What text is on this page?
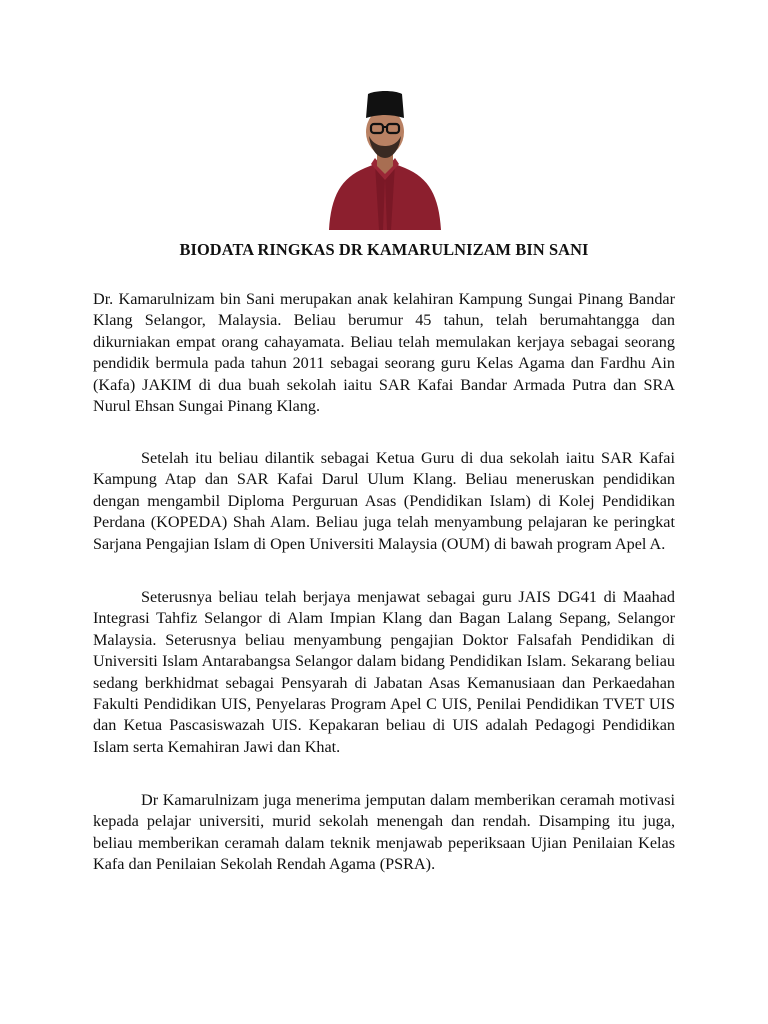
BIODATA RINGKAS DR KAMARULNIZAM BIN SANI

Dr. Kamarulnizam bin Sani merupakan anak kelahiran Kampung Sungai Pinang Bandar Klang Selangor, Malaysia. Beliau berumur 45 tahun, telah berumahtangga dan dikurniakan empat orang cahayamata. Beliau telah memulakan kerjaya sebagai seorang pendidik bermula pada tahun 2011 sebagai seorang guru Kelas Agama dan Fardhu Ain (Kafa) JAKIM di dua buah sekolah iaitu SAR Kafai Bandar Armada Putra dan SRA Nurul Ehsan Sungai Pinang Klang.

Setelah itu beliau dilantik sebagai Ketua Guru di dua sekolah iaitu SAR Kafai Kampung Atap dan SAR Kafai Darul Ulum Klang. Beliau meneruskan pendidikan dengan mengambil Diploma Perguruan Asas (Pendidikan Islam) di Kolej Pendidikan Perdana (KOPEDA) Shah Alam. Beliau juga telah menyambung pelajaran ke peringkat Sarjana Pengajian Islam di Open Universiti Malaysia (OUM) di bawah program Apel A.

Seterusnya beliau telah berjaya menjawat sebagai guru JAIS DG41 di Maahad Integrasi Tahfiz Selangor di Alam Impian Klang dan Bagan Lalang Sepang, Selangor Malaysia. Seterusnya beliau menyambung pengajian Doktor Falsafah Pendidikan di Universiti Islam Antarabangsa Selangor dalam bidang Pendidikan Islam. Sekarang beliau sedang berkhidmat sebagai Pensyarah di Jabatan Asas Kemanusiaan dan Perkaedahan Fakulti Pendidikan UIS, Penyelaras Program Apel C UIS, Penilai Pendidikan TVET UIS dan Ketua Pascasiswazah UIS. Kepakaran beliau di UIS adalah Pedagogi Pendidikan Islam serta Kemahiran Jawi dan Khat.

Dr Kamarulnizam juga menerima jemputan dalam memberikan ceramah motivasi kepada pelajar universiti, murid sekolah menengah dan rendah. Disamping itu juga, beliau memberikan ceramah dalam teknik menjawab peperiksaan Ujian Penilaian Kelas Kafa dan Penilaian Sekolah Rendah Agama (PSRA).
